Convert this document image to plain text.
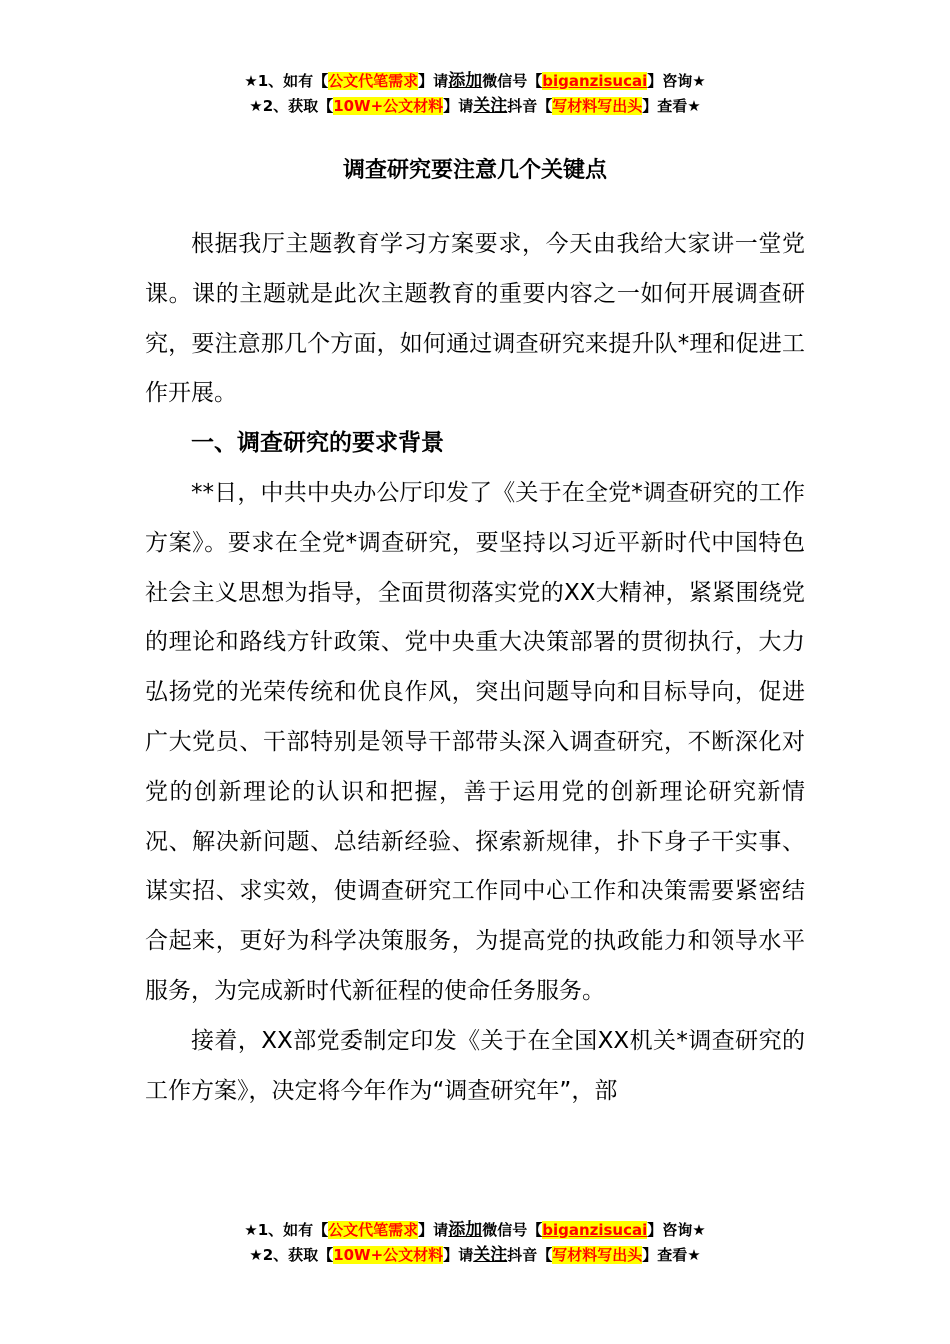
★1、如有【公文代笔需求】请添加微信号【biganzisucai】咨询★
★2、获取【10W+公文材料】请关注抖音【写材料写出头】查看★
调查研究要注意几个关键点

根据我厅主题教育学习方案要求，今天由我给大家讲一堂党课。课的主题就是此次主题教育的重要内容之一如何开展调查研究，要注意那几个方面，如何通过调查研究来提升队*理和促进工作开展。

一、调查研究的要求背景

**日，中共中央办公厅印发了《关于在全党*调查研究的工作方案》。要求在全党*调查研究，要坚持以习近平新时代中国特色社会主义思想为指导，全面贯彻落实党的XX大精神，紧紧围绕党的理论和路线方针政策、党中央重大决策部署的贯彻执行，大力弘扬党的光荣传统和优良作风，突出问题导向和目标导向，促进广大党员、干部特别是领导干部带头深入调查研究，不断深化对党的创新理论的认识和把握，善于运用党的创新理论研究新情况、解决新问题、总结新经验、探索新规律，扑下身子干实事、谋实招、求实效，使调查研究工作同中心工作和决策需要紧密结合起来，更好为科学决策服务，为提高党的执政能力和领导水平服务，为完成新时代新征程的使命任务服务。

接着，XX部党委制定印发《关于在全国XX机关*调查研究的工作方案》，决定将今年作为“调查研究年”，部

★1、如有【公文代笔需求】请添加微信号【biganzisucai】咨询★
★2、获取【10W+公文材料】请关注抖音【写材料写出头】查看★
